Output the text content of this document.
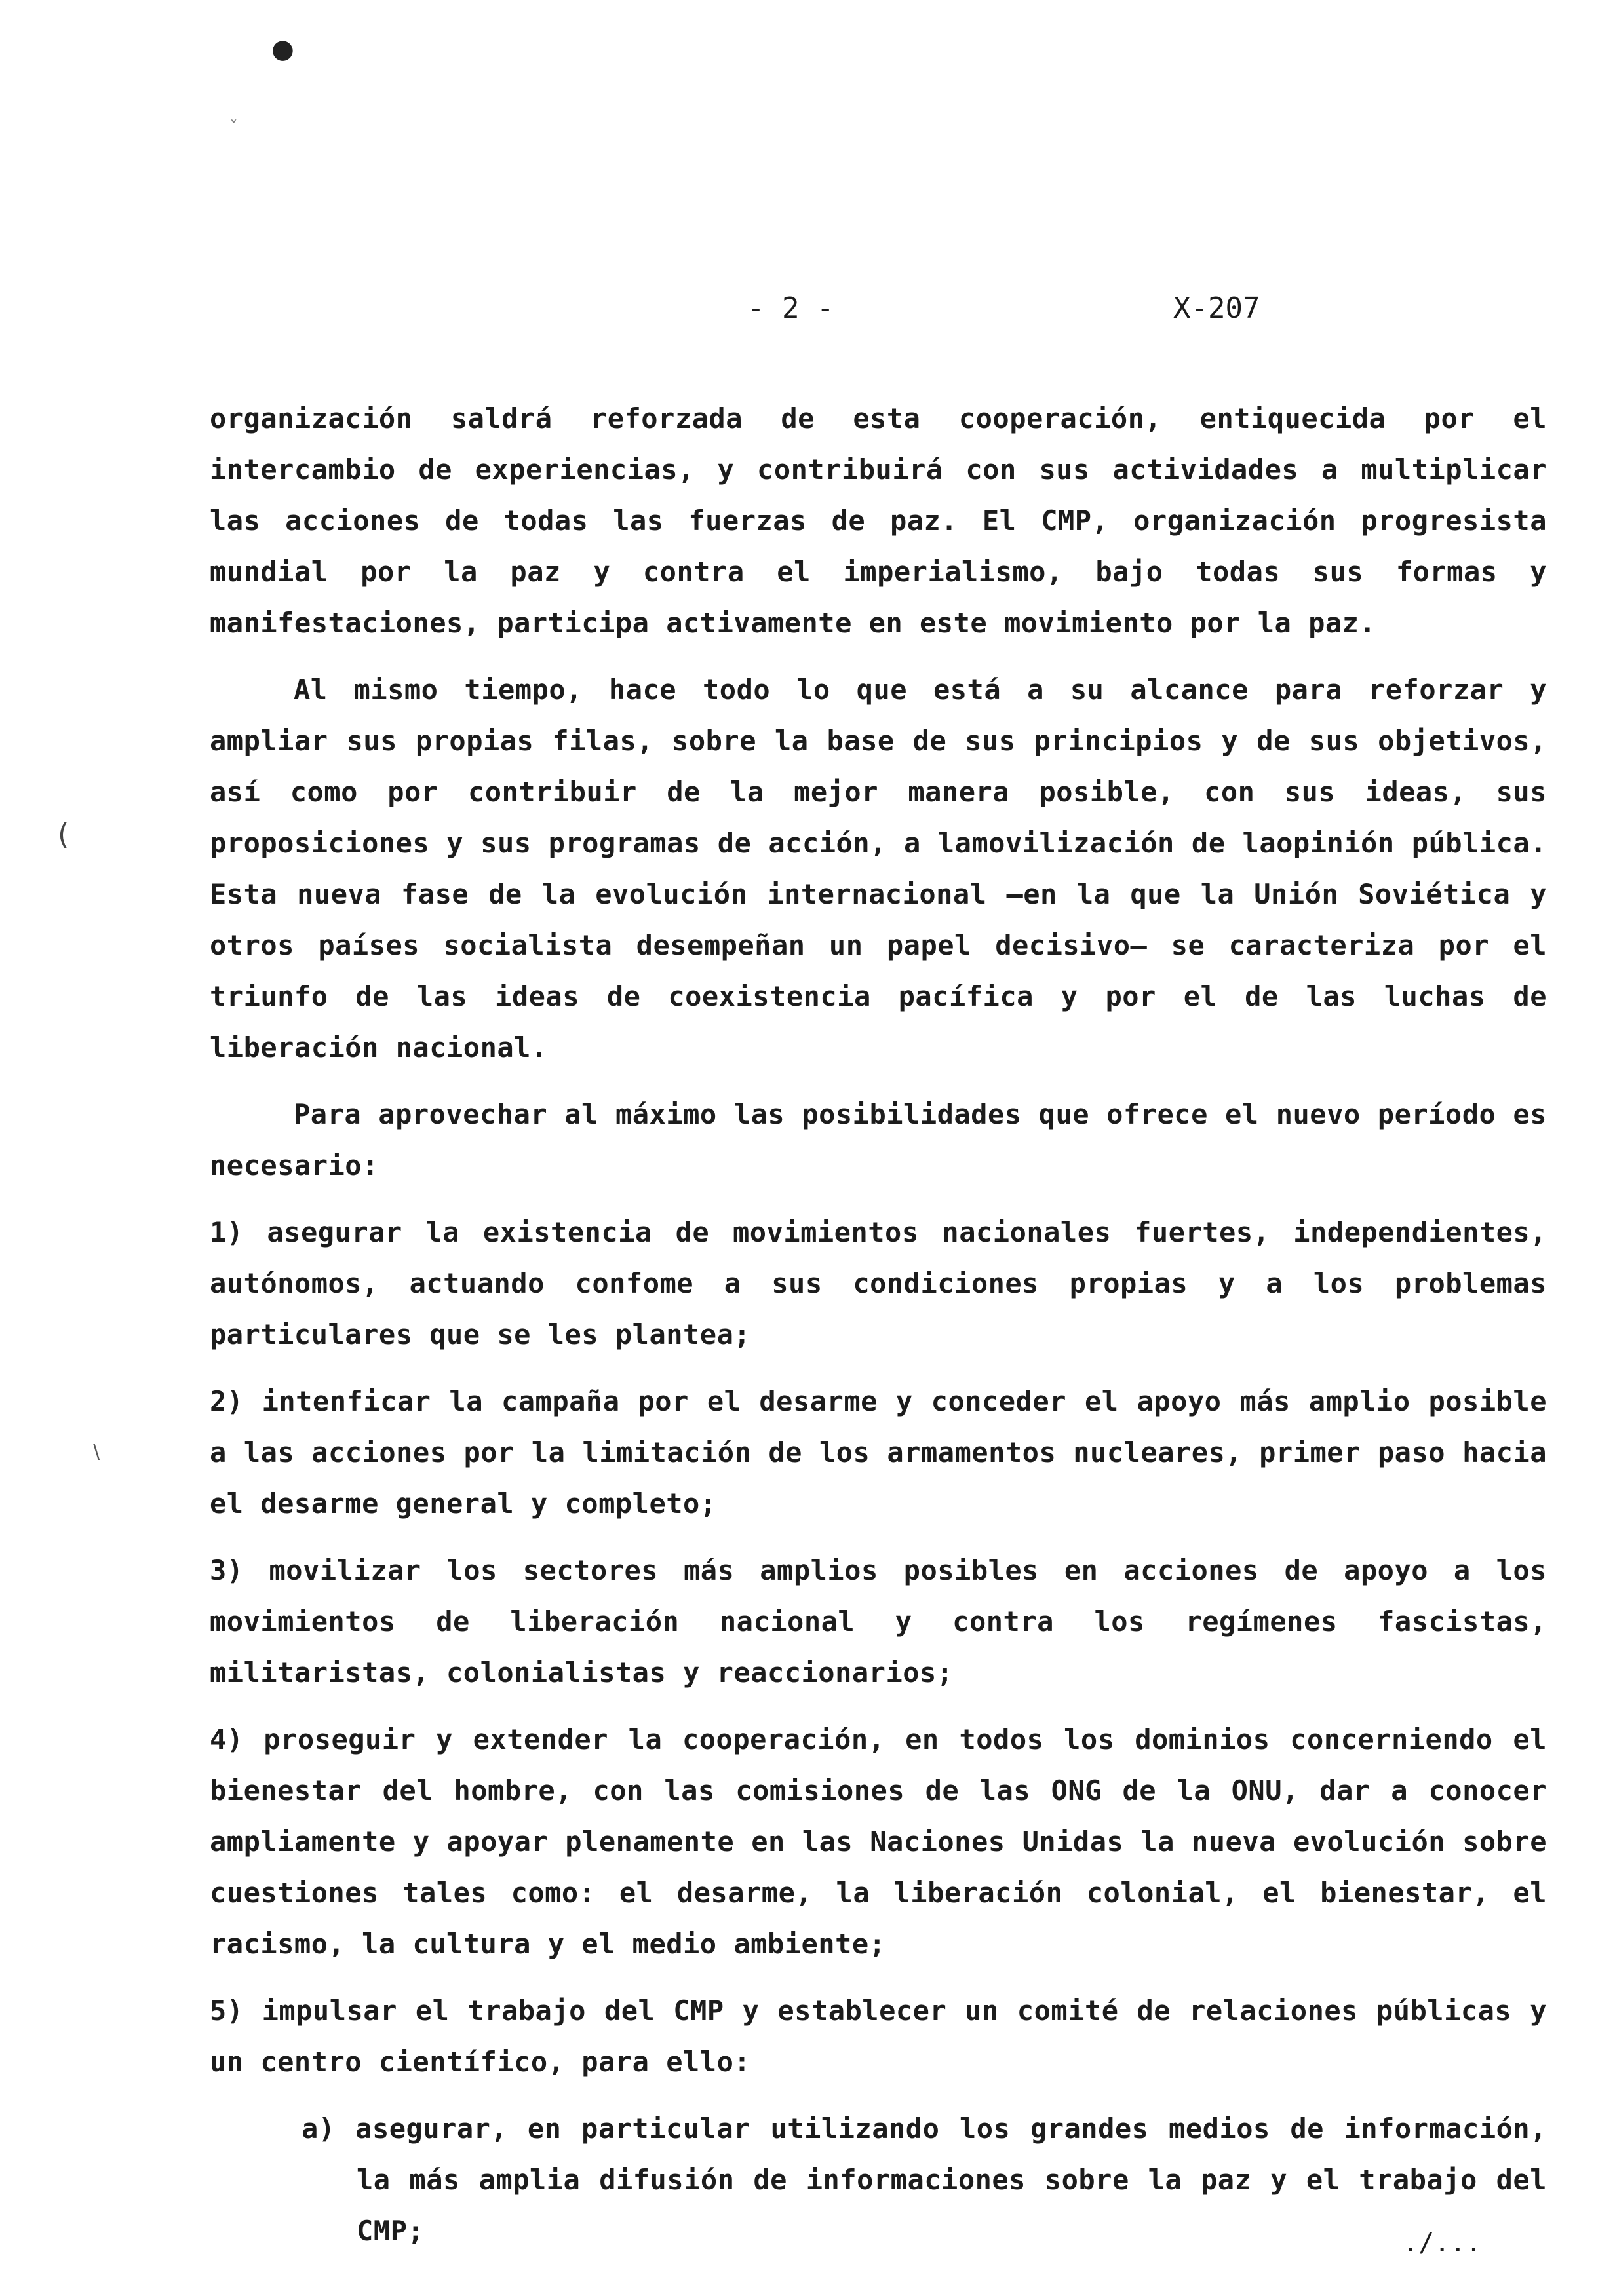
●
ˇ
(
\
- 2 -	X-207

organización saldrá reforzada de esta cooperación, entiquecida por el intercambio de experiencias, y contribuirá con sus actividades a multiplicar las acciones de todas las fuerzas de paz. El CMP, organización progresista mundial por la paz y contra el imperialismo, bajo todas sus formas y manifestaciones, participa activamente en este movimiento por la paz.

Al mismo tiempo, hace todo lo que está a su alcance para reforzar y ampliar sus propias filas, sobre la base de sus principios y de sus objetivos, así como por contribuir de la mejor manera posible, con sus ideas, sus proposiciones y sus programas de acción, a lamovilización de laopinión pública. Esta nueva fase de la evolución internacional —en la que la Unión Soviética y otros países socialista desempeñan un papel decisivo— se caracteriza por el triunfo de las ideas de coexistencia pacífica y por el de las luchas de liberación nacional.

Para aprovechar al máximo las posibilidades que ofrece el nuevo período es necesario:

1) asegurar la existencia de movimientos nacionales fuertes, independientes, autónomos, actuando confome a sus condiciones propias y a los problemas particulares que se les plantea;

2) intenficar la campaña por el desarme y conceder el apoyo más amplio posible a las acciones por la limitación de los armamentos nucleares, primer paso hacia el desarme general y completo;

3) movilizar los sectores más amplios posibles en acciones de apoyo a los movimientos de liberación nacional y contra los regímenes fascistas, militaristas, colonialistas y reaccionarios;

4) proseguir y extender la cooperación, en todos los dominios concerniendo el bienestar del hombre, con las comisiones de las ONG de la ONU, dar a conocer ampliamente y apoyar plenamente en las Naciones Unidas la nueva evolución sobre cuestiones tales como: el desarme, la liberación colonial, el bienestar, el racismo, la cultura y el medio ambiente;

5) impulsar el trabajo del CMP y establecer un comité de relaciones públicas y un centro científico, para ello:

a) asegurar, en particular utilizando los grandes medios de información, la más amplia difusión de informaciones sobre la paz y el trabajo del CMP;	./...
